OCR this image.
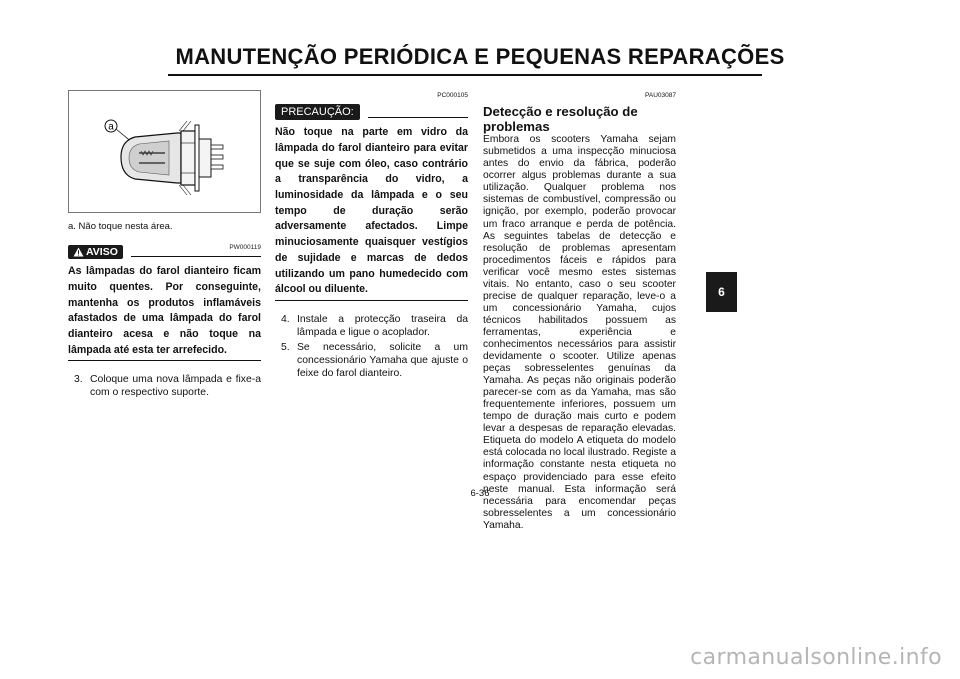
MANUTENÇÃO PERIÓDICA E PEQUENAS REPARAÇÕES
a
a. Não toque nesta área.
AVISO	PW000119
As lâmpadas do farol dianteiro ficam muito quentes. Por conseguinte, mantenha os produtos inflamáveis afastados de uma lâmpada do farol dianteiro acesa e não toque na lâmpada até esta ter arrefecido.
3. Coloque uma nova lâmpada e fixe-a com o respectivo suporte.
PC000105
PRECAUÇÃO:
Não toque na parte em vidro da lâmpada do farol dianteiro para evitar que se suje com óleo, caso contrário a transparência do vidro, a luminosidade da lâmpada e o seu tempo de duração serão adversamente afectados. Limpe minuciosamente quaisquer vestígios de sujidade e marcas de dedos utilizando um pano humedecido com álcool ou diluente.
4. Instale a protecção traseira da lâmpada e ligue o acoplador.
5. Se necessário, solicite a um concessionário Yamaha que ajuste o feixe do farol dianteiro.
PAU03087
Detecção e resolução de problemas
Embora os scooters Yamaha sejam submetidos a uma inspecção minuciosa antes do envio da fábrica, poderão ocorrer algus problemas durante a sua utilização. Qualquer problema nos sistemas de combustível, compressão ou ignição, por exemplo, poderão provocar um fraco arranque e perda de potência. As seguintes tabelas de detecção e resolução de problemas apresentam procedimentos fáceis e rápidos para verificar você mesmo estes sistemas vitais. No entanto, caso o seu scooter precise de qualquer reparação, leve-o a um concessionário Yamaha, cujos técnicos habilitados possuem as ferramentas, experiência e conhecimentos necessários para assistir devidamente o scooter. Utilize apenas peças sobresselentes genuínas da Yamaha. As peças não originais poderão parecer-se com as da Yamaha, mas são frequentemente inferiores, possuem um tempo de duração mais curto e podem levar a despesas de reparação elevadas. Etiqueta do modelo A etiqueta do modelo está colocada no local ilustrado. Registe a informação constante nesta etiqueta no espaço providenciado para esse efeito neste manual. Esta informação será necessária para encomendar peças sobresselentes a um concessionário Yamaha.
6-36
6
carmanualsonline.info
